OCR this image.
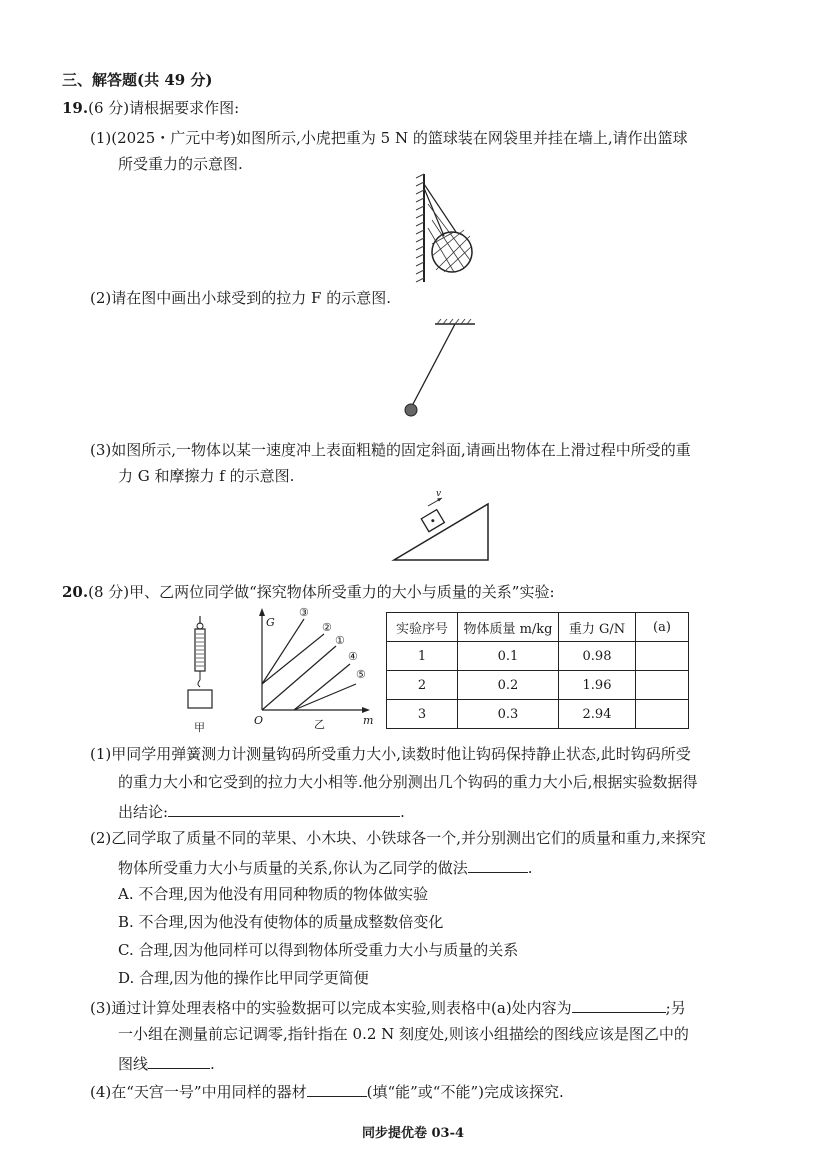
三、解答题(共 49 分)
19.(6 分)请根据要求作图:
(1)(2025・广元中考)如图所示,小虎把重为 5 N 的篮球装在网袋里并挂在墙上,请作出篮球
所受重力的示意图.
(2)请在图中画出小球受到的拉力 F 的示意图.
(3)如图所示,一物体以某一速度冲上表面粗糙的固定斜面,请画出物体在上滑过程中所受的重
力 G 和摩擦力 f 的示意图.
v
20.(8 分)甲、乙两位同学做“探究物体所受重力的大小与质量的关系”实验:
甲
G
m
O
③
②
①
④
⑤
乙
实验序号	物体质量 m/kg	重力 G/N	(a)
1	0.1	0.98	
2	0.2	1.96	
3	0.3	2.94	
(1)甲同学用弹簧测力计测量钩码所受重力大小,读数时他让钩码保持静止状态,此时钩码所受
的重力大小和它受到的拉力大小相等.他分别测出几个钩码的重力大小后,根据实验数据得
出结论:	.
(2)乙同学取了质量不同的苹果、小木块、小铁球各一个,并分别测出它们的质量和重力,来探究
物体所受重力大小与质量的关系,你认为乙同学的做法	.
A. 不合理,因为他没有用同种物质的物体做实验
B. 不合理,因为他没有使物体的质量成整数倍变化
C. 合理,因为他同样可以得到物体所受重力大小与质量的关系
D. 合理,因为他的操作比甲同学更简便
(3)通过计算处理表格中的实验数据可以完成本实验,则表格中(a)处内容为	;另
一小组在测量前忘记调零,指针指在 0.2 N 刻度处,则该小组描绘的图线应该是图乙中的
图线	.
(4)在“天宫一号”中用同样的器材	(填“能”或“不能”)完成该探究.
同步提优卷 03-4
